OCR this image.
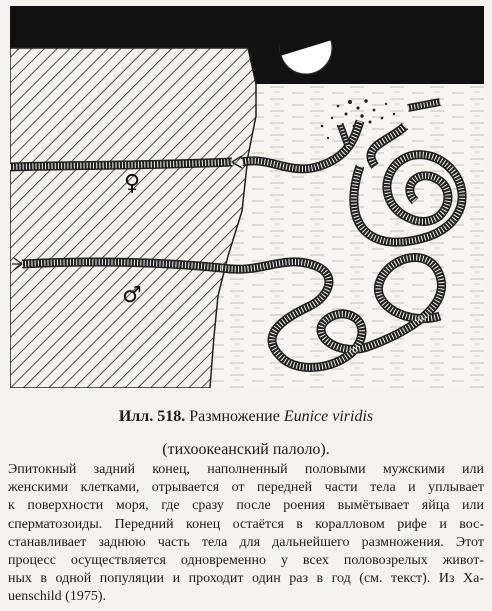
♀
♂
Илл. 518. Размножение Eunice viridis
(тихоокеанский палоло).
Эпитокный задний конец, наполненный половыми мужскими или
женскими клетками, отрывается от передней части тела и уплывает
к поверхности моря, где сразу после роения вымётывает яйца или
сперматозоиды. Передний конец остаётся в коралловом рифе и вос-
станавливает заднюю часть тела для дальнейшего размножения. Этот
процесс осуществляется одновременно у всех половозрелых живот-
ных в одной популяции и проходит один раз в год (см. текст). Из Ха-
uenschild (1975).
